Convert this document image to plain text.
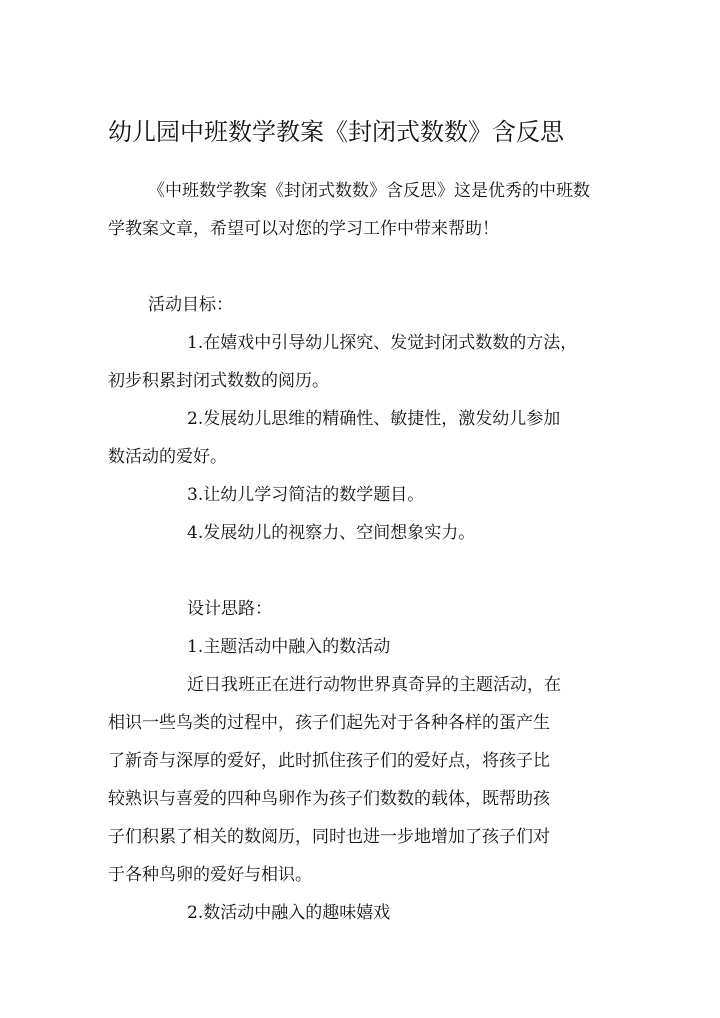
幼儿园中班数学教案《封闭式数数》含反思
《中班数学教案《封闭式数数》含反思》这是优秀的中班数
学教案文章，希望可以对您的学习工作中带来帮助！
活动目标：
1.在嬉戏中引导幼儿探究、发觉封闭式数数的方法，
初步积累封闭式数数的阅历。
2.发展幼儿思维的精确性、敏捷性，激发幼儿参加
数活动的爱好。
3.让幼儿学习简洁的数学题目。
4.发展幼儿的视察力、空间想象实力。
设计思路：
1.主题活动中融入的数活动
近日我班正在进行动物世界真奇异的主题活动，在
相识一些鸟类的过程中，孩子们起先对于各种各样的蛋产生
了新奇与深厚的爱好，此时抓住孩子们的爱好点，将孩子比
较熟识与喜爱的四种鸟卵作为孩子们数数的载体，既帮助孩
子们积累了相关的数阅历，同时也进一步地增加了孩子们对
于各种鸟卵的爱好与相识。
2.数活动中融入的趣味嬉戏
